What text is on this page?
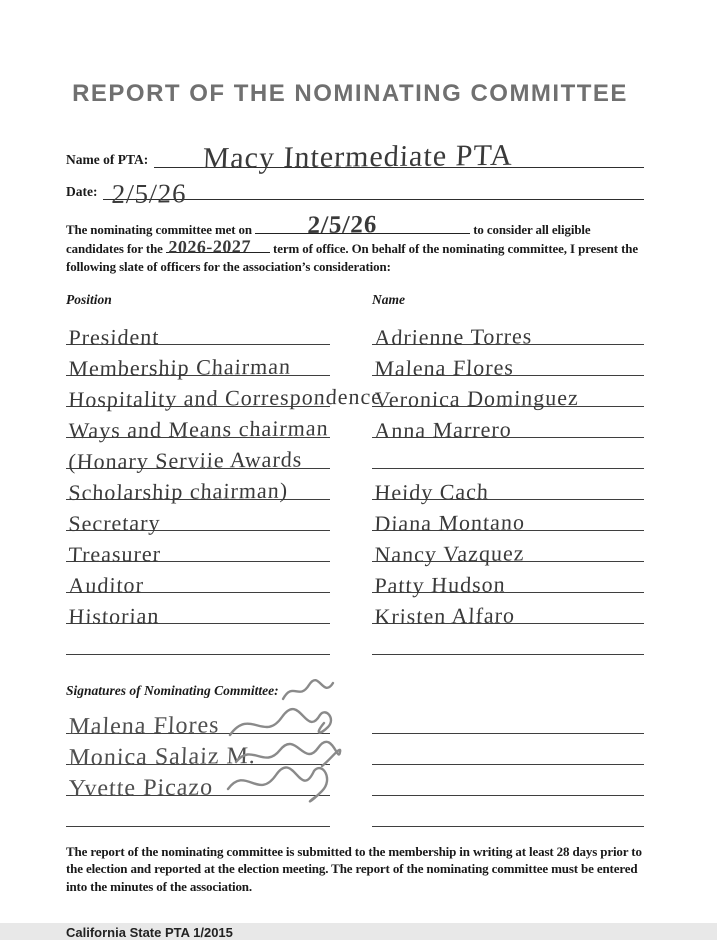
REPORT OF THE NOMINATING COMMITTEE
Name of PTA: Macy Intermediate PTA
Date: 2/5/26

The nominating committee met on 2/5/26	to consider all eligible
candidates for the 2026-2027 term of office. On behalf of the nominating committee, I present the following slate of officers for the association’s consideration:

Position	Name
President
Membership Chairman
Hospitality and Correspondence
Ways and Means chairman
(Honary Serviie Awards
Scholarship chairman)
Secretary
Treasurer
Auditor
Historian
Adrienne Torres
Malena Flores
Veronica Dominguez
Anna Marrero
Heidy Cach
Diana Montano
Nancy Vazquez
Patty Hudson
Kristen Alfaro
Signatures of Nominating Committee:
Malena Flores
Monica Salaiz M.
Yvette Picazo

The report of the nominating committee is submitted to the membership in writing at least 28 days prior to the election and reported at the election meeting. The report of the nominating committee must be entered into the minutes of the association.

California State PTA 1/2015
